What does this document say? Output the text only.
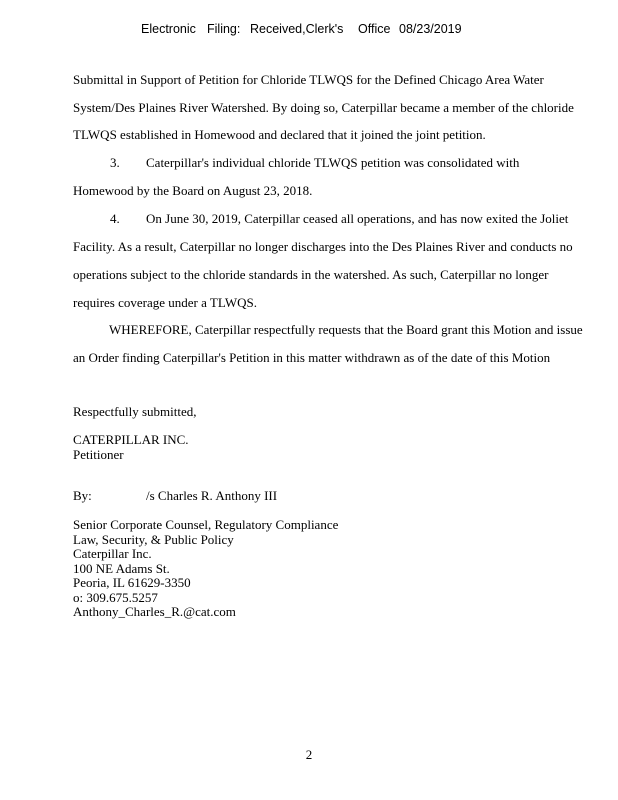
Electronic Filing: Received,Clerk's Office 08/23/2019
Submittal in Support of Petition for Chloride TLWQS for the Defined Chicago Area Water
System/Des Plaines River Watershed. By doing so, Caterpillar became a member of the chloride
TLWQS established in Homewood and declared that it joined the joint petition.
3. Caterpillar's individual chloride TLWQS petition was consolidated with
Homewood by the Board on August 23, 2018.
4. On June 30, 2019, Caterpillar ceased all operations, and has now exited the Joliet
Facility. As a result, Caterpillar no longer discharges into the Des Plaines River and conducts no
operations subject to the chloride standards in the watershed. As such, Caterpillar no longer
requires coverage under a TLWQS.
WHEREFORE, Caterpillar respectfully requests that the Board grant this Motion and issue
an Order finding Caterpillar's Petition in this matter withdrawn as of the date of this Motion
Respectfully submitted,
CATERPILLAR INC.
Petitioner
By:	/s Charles R. Anthony III
Senior Corporate Counsel, Regulatory Compliance
Law, Security, & Public Policy
Caterpillar Inc.
100 NE Adams St.
Peoria, IL 61629-3350
o: 309.675.5257
Anthony_Charles_R.@cat.com
2
